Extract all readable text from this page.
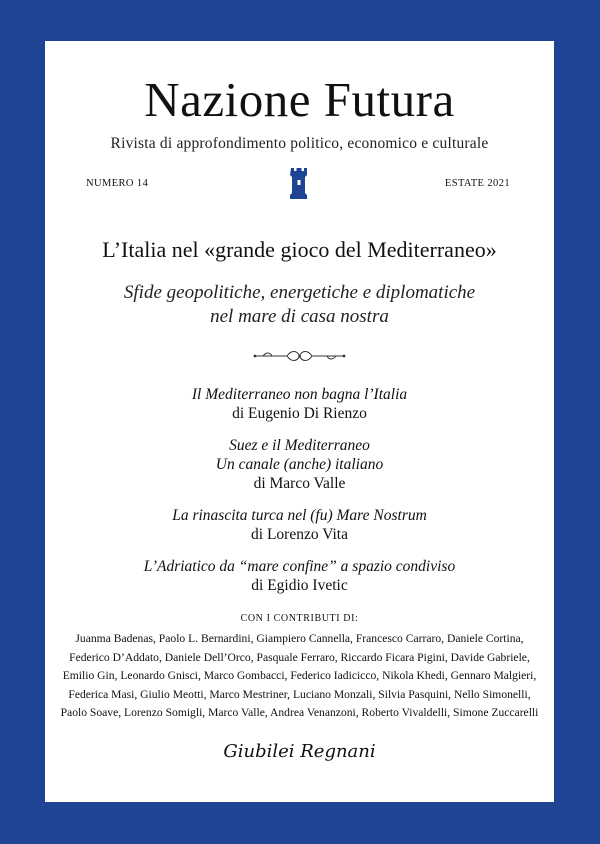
Nazione Futura
Rivista di approfondimento politico, economico e culturale
NUMERO 14	ESTATE 2021
L’Italia nel «grande gioco del Mediterraneo»
Sfide geopolitiche, energetiche e diplomatiche
nel mare di casa nostra
Il Mediterraneo non bagna l’Italia
di Eugenio Di Rienzo
Suez e il Mediterraneo
Un canale (anche) italiano
di Marco Valle
La rinascita turca nel (fu) Mare Nostrum
di Lorenzo Vita
L’Adriatico da “mare confine” a spazio condiviso
di Egidio Ivetic
CON I CONTRIBUTI DI:
Juanma Badenas, Paolo L. Bernardini, Giampiero Cannella, Francesco Carraro, Daniele Cortina,
Federico D’Addato, Daniele Dell’Orco, Pasquale Ferraro, Riccardo Ficara Pigini, Davide Gabriele,
Emilio Gin, Leonardo Gnisci, Marco Gombacci, Federico Iadicicco, Nikola Khedi, Gennaro Malgieri,
Federica Masi, Giulio Meotti, Marco Mestriner, Luciano Monzali, Silvia Pasquini, Nello Simonelli,
Paolo Soave, Lorenzo Somigli, Marco Valle, Andrea Venanzoni, Roberto Vivaldelli, Simone Zuccarelli
Giubilei Regnani
